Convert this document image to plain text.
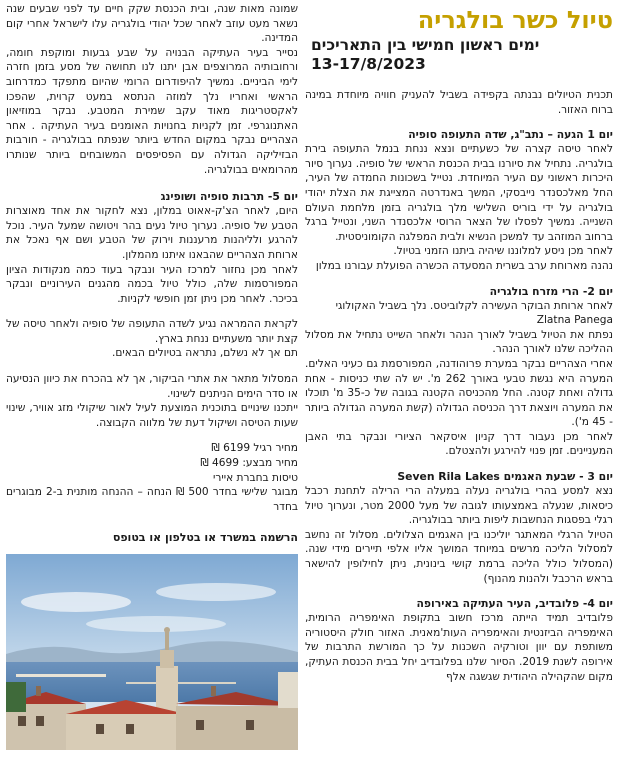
טיול כשר בולגריה
ימים ראשון חמישי בין התאריכים
13-17/8/2023
תכנית הטיולים נבנתה בקפידה בשביל להעניק חוויה מיוחדת במינה ברוח האזור.
יום 1 הגעה – נתב"ג, שדה התעופה סופיה
לאחר טיסה קצרה של כשעתיים ונצא ננחת בנמל התעופה בירת בולגריה. נתחיל את סיורנו בבית הכנסת הראשי של סופיה. נערוך סיור היכרות ראשוני עם העיר המיוחדת. נטייל בשכונות החמדה של העיר, החל מאלכסנדר נייבסקי, המשך באנדרטה המצייגת את הצלת יהודי בולגריה על ידי בוריס השלישי מלך בולגריה בזמן מלחמת העולם השנייה. נמשיך לפסלו של הצאר הרוסי אלכסנדר השני, ונטייל ברגל ברחוב המוזהב עד למשכן הנשיא ולבית המפלגה הקומוניסטית.
לאחר מכן ניסע למלוננו שיהיה ביתנו הזמני בטיול.
נהנה מארוחת ערב בשרית המסעדה הכשרה הפועלת עבורנו במלון
יום 2- הרי מזרח בולגריה
לאחר ארוחת הבוקר העשירה לקלוביטס. נלך בשביל האקולוגי
Zlatna Panega
נפתח את הטיול בשביל לאורך הנהר ולאחר השייט נתחיל את מסלול ההליכה שלנו לאורך הנהר.
אחרי הצהריים נבקר במערת פרוהודנה, המפורסמת גם כעיני האלים. המערה היא נגשת טבעי באורך 262 מ'. יש לה שתי כניסות - אחת גדולה ואחת קטנה. החל מהכניסה הקטנה בגובה של כ-35 מ' תוכלו את המערה ויוצאת דרך הכניסה הגדולה (קשת המערה הגדולה ביותר - 45 מ').
לאחר מכן נעבור דרך קניון איסקאר הציורי ונבקר בתי האבן המעניינים. זמן פנוי להירגע ולהצטלם.
יום 3 - שבעת האגמים Seven Rila Lakes
נצא למסע בהרי בולגריה נעלה במעלה הרי הרילה לתחנת רכבל כיסאות, שנעלה באמצעותו לגובה של מעל 2000 מטר, ונערוך טיול רגלי בפסגות הנחשבות ליפות ביותר בבולגריה.
הטיול הרגלי המאתגר יוליכנו בין האגמים הצלולים. מסלול זה נחשב למסלול הליכה מרשים במיוחד המושך אליו אלפי תיירים מידי שנה. (המסלול כולל הליכה ברמת קושי בינונית, ניתן לחילופין להישאר בראש הרכבל ולהנות מהנוף)
יום 4- פלובדיב, העיר העתיקה באירופה
פלובדיב תמיד הייתה מרכז חשוב בתקופת האימפריה הרומית, האימפריה הביזנטית והאימפריה העות'מאנית. האזור חולק היסטוריה משותפת עם יוון וטורקיה השכנות על כך המורשת התרבות של אירופה לשנת 2019. הסיור שלנו בפלובדיב יחל בבית הכנסת העתיק, מקום שהקהילה היהודית שגשגה אלף
שמונה מאות שנה, ובית הכנסת שקק חיים עד לפני שבעים שנה נשאר מעט עוזב לאחר שכל יהודי בולגריה עלו לישראל אחרי קום המדינה.
נסייר בעיר העתיקה הבנויה על שבע גבעות ומוקפת חומה, ורחובותיה המרוצפים אבן יתנו לנו תחושה של מסע בזמן חזרה לימי הביניים. נמשיך להיפודרום הרומי שהיום מתפקד כמדרחוב הראשי ואחריו נלך למוזה הנתסא במעט קרוית, שהפכו לאקסטריגות מאוד עקב שמירת המטבע. נבקר במוזיאון האתנוגרפי. זמן לקניות בחנויות האומנים בעיר העתיקה . אחר הצהריים נבקר במקום החדש ביותר שנפתח בבולגריה - חורבות הבזיליקה הגדולה עם הפסיפסים המשובחים ביותר שנותרו מהרומאים בבולגריה.
יום 5- תרבות סופיה ושופינג
היום, לאחר הצ'ק-אאוט במלון, נצא לחקור את אחד מאוצרות הטבע של סופיה. נערוך טיול נעים בהר ויטושה שמעל העיר. נוכל להרגע ולליהנות מרעננות וירוק של הטבע ושם אף נאכל את ארוחת הצהריים שהבאנו איתנו מהמלון.
לאחר מכן נחזור למרכז העיר ונבקר בעוד כמה מנקודות הציון המפורסמות שלה, כולל טיול בכמה מהגנים העירוניים ונבקר בכיכר. לאחר מכן ניתן זמן חופשי לקניות.
לקראת ההמראה נגיע לשדה התעופה של סופיה ולאחר טיסה של קצת יותר משעתיים ננחת בארץ.
תם אך לא נשלם, נתראה בטיולים הבאים.
המסלול מתאר את אתרי הביקור, אך לא בהכרח את כיוון הנסיעה או סדר הימים הניתנים לשינוי.
ייתכנו שינויים בתוכנית המוצעת לעיל לאור שיקולי מזג אוויר, שינוי שעות הטיסה ושיקול דעת של מלווה הקבוצה.
מחיר רגיל 6199 ₪
מחיר מבצע: 4699 ₪
טיסות בחברת איירי
מבוגר שלישי בחדר 500 ₪ הנחה – ההנחה מותנית ב-2 מבוגרים בחדר
הרשמה במשרד או בטלפון או בטופס
